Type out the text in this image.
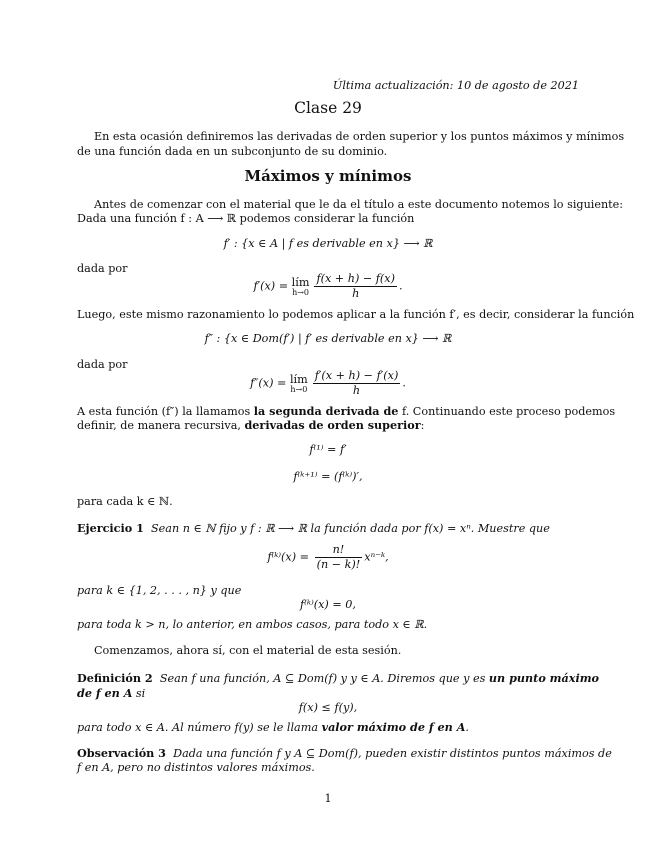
Última actualización: 10 de agosto de 2021
Clase 29
En esta ocasión definiremos las derivadas de orden superior y los puntos máximos y mínimos
de una función dada en un subconjunto de su dominio.
Máximos y mínimos
Antes de comenzar con el material que le da el título a este documento notemos lo siguiente:
Dada una función f : A ⟶ ℝ podemos considerar la función
f′ : {x ∈ A | f es derivable en x} ⟶ ℝ
dada por
f′(x) = lím
$h\to 0 \frac{f(x + h) - f(x)}{h}$ .
Luego, este mismo razonamiento lo podemos aplicar a la función f′, es decir, considerar la función
f″ : {x ∈ Dom(f′) | f′ es derivable en x} ⟶ ℝ
dada por
f″(x) = lím
$h\to 0 \frac{f'(x + h) - f'(x)}{h}$ .
A esta función (f″) la llamamos la segunda derivada de f. Continuando este proceso podemos
definir, de manera recursiva, derivadas de orden superior:
f⁽¹⁾ = f′
f⁽ᵏ⁺¹⁾ = (f⁽ᵏ⁾)′,
para cada k ∈ ℕ.
Ejercicio 1 Sean n ∈ ℕ fijo y f : ℝ ⟶ ℝ la función dada por f(x) = xⁿ. Muestre que
f⁽ᵏ⁾(x) = $\frac{n!}{(n - k)!}$ xⁿ⁻ᵏ,
para k ∈ {1, 2, . . . , n} y que
f⁽ᵏ⁾(x) = 0,
para toda k > n, lo anterior, en ambos casos, para todo x ∈ ℝ.
Comenzamos, ahora sí, con el material de esta sesión.
Definición 2 Sean f una función, A ⊆ Dom(f) y y ∈ A. Diremos que y es un punto máximo
de f en A si
f(x) ≤ f(y),
para todo x ∈ A. Al número f(y) se le llama valor máximo de f en A.
Observación 3 Dada una función f y A ⊆ Dom(f), pueden existir distintos puntos máximos de
f en A, pero no distintos valores máximos.
1
